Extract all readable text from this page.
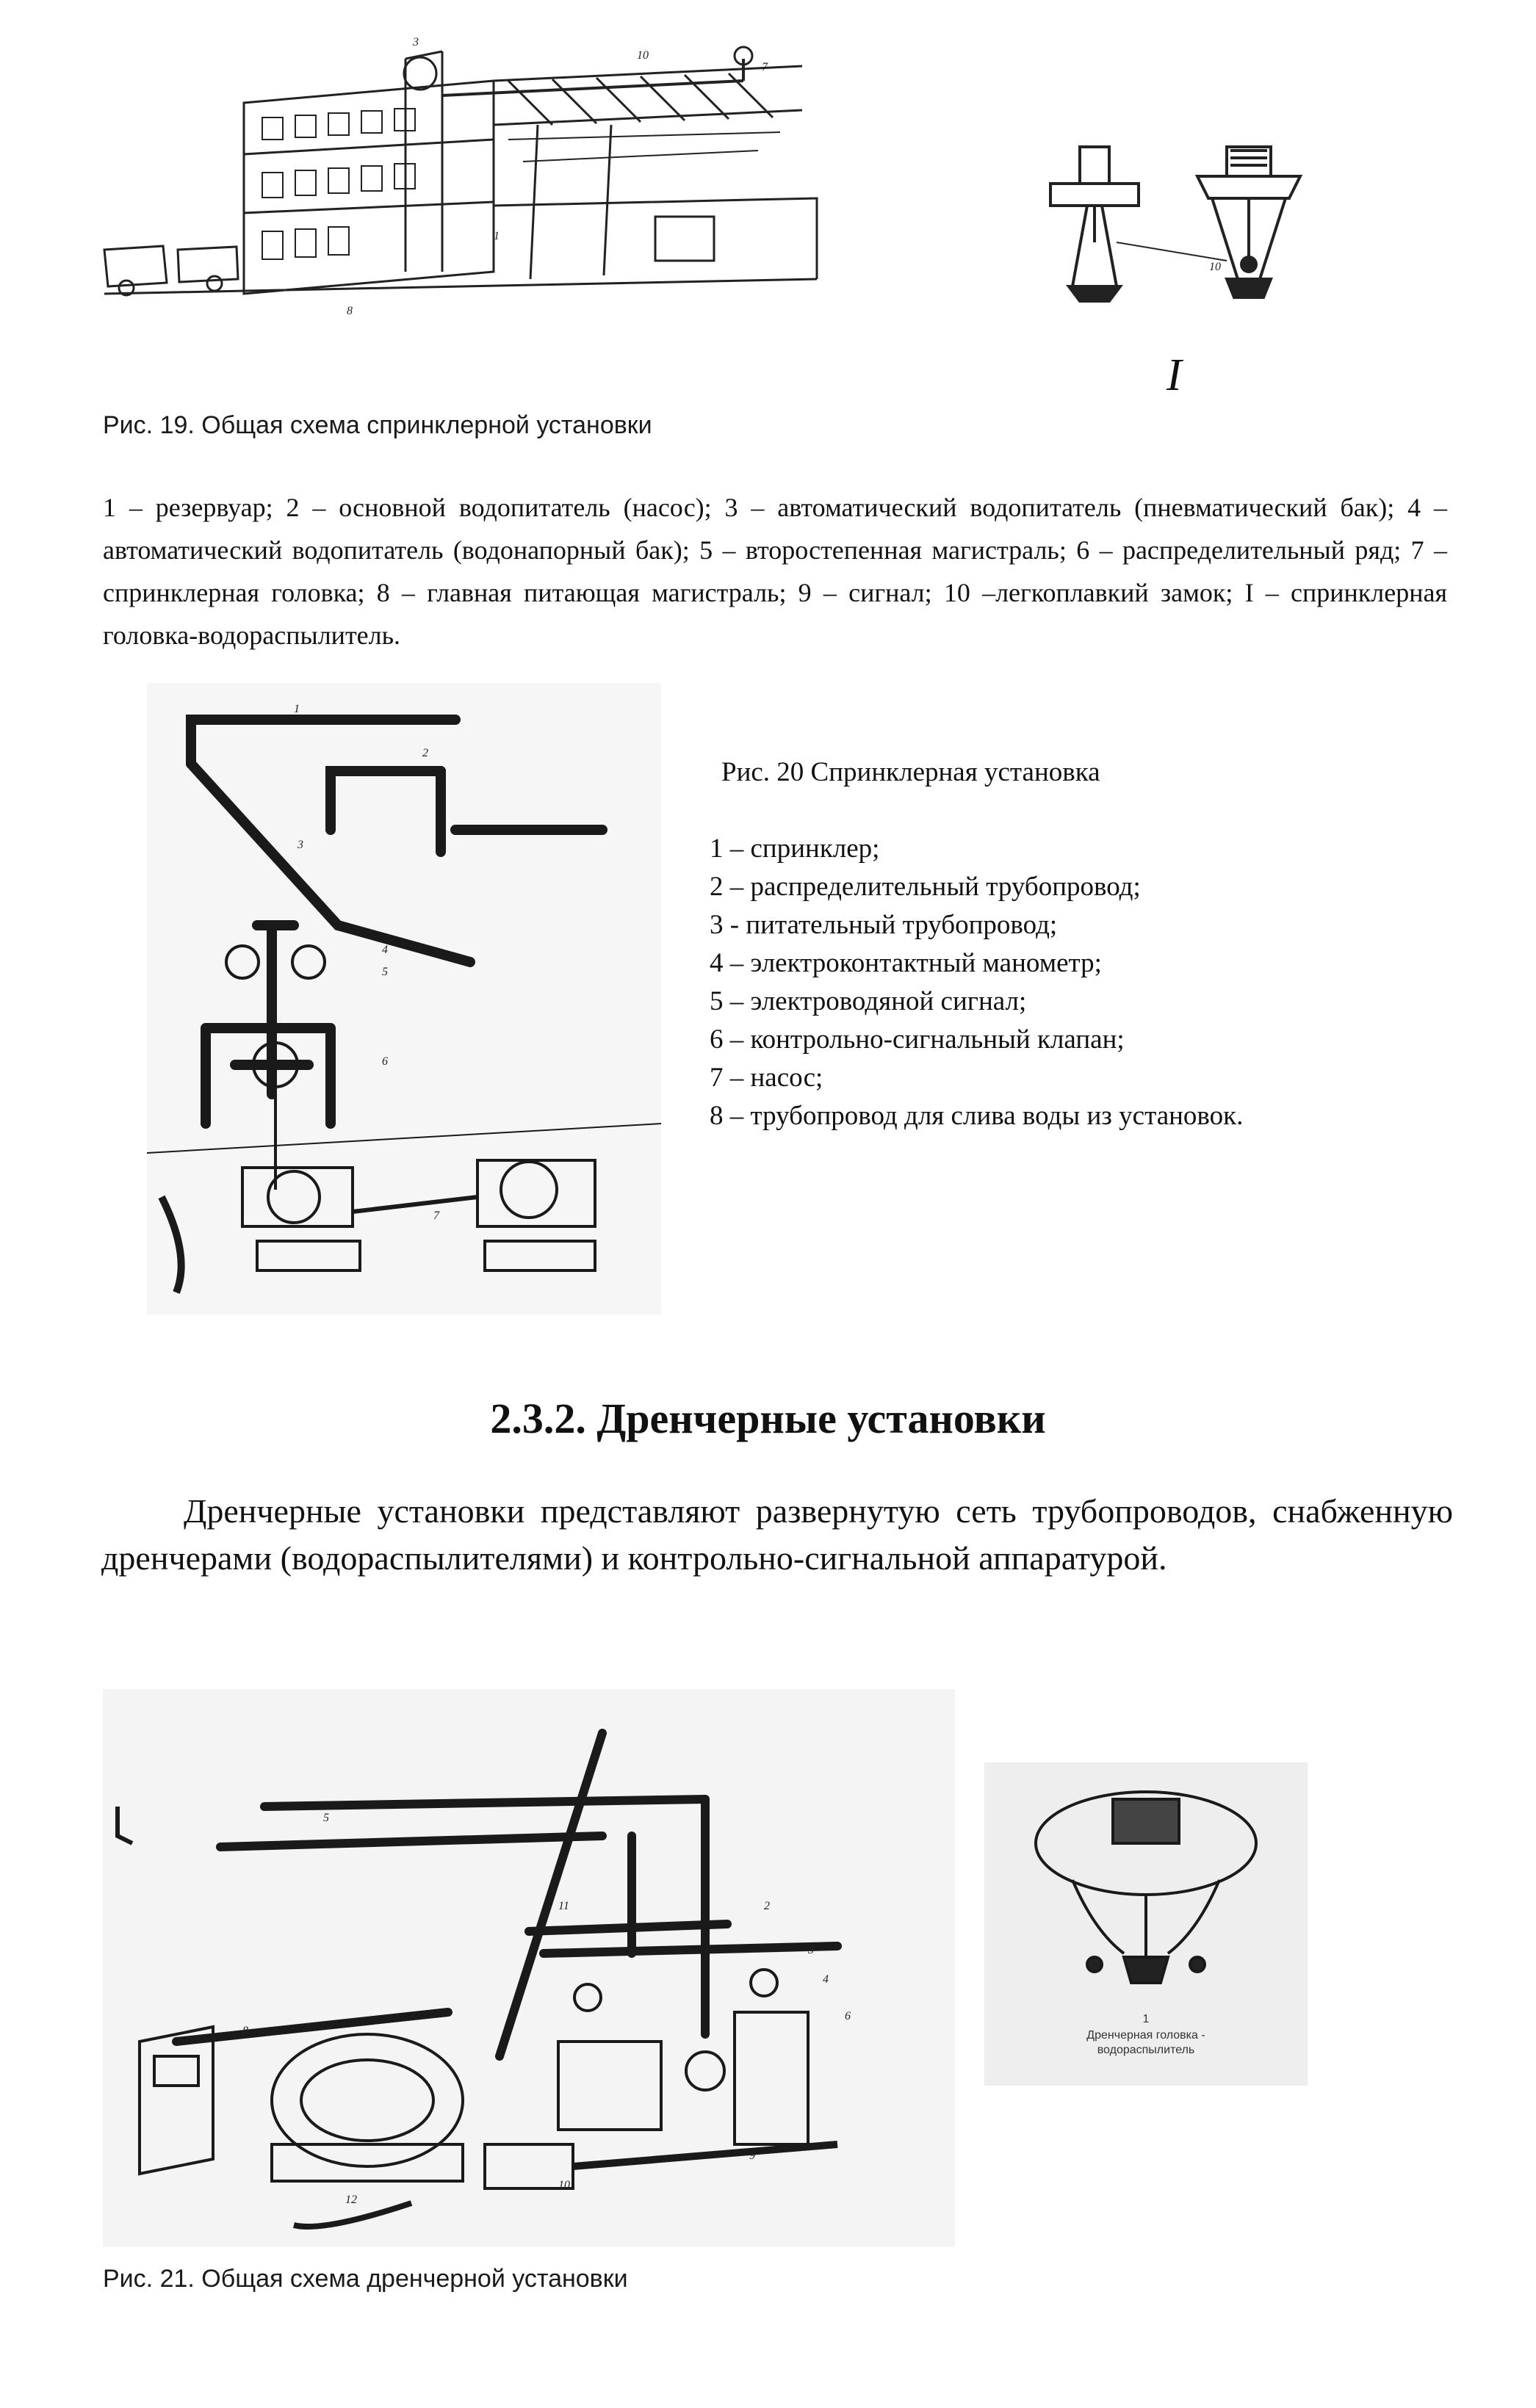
3
10
7
1
8
10
I
Рис. 19. Общая схема спринклерной установки
1 – резервуар; 2 – основной водопитатель (насос); 3 – автоматический водопитатель (пневматический бак); 4 – автоматический водопитатель (водонапорный бак); 5 – второстепенная магистраль; 6 – распределительный ряд; 7 – спринклерная головка; 8 – главная питающая магистраль; 9 – сигнал; 10 –легкоплавкий замок; I – спринклерная головка-водораспылитель.
1
2
3
4
5
6
7
Рис. 20 Спринклерная установка
1 – спринклер;
2 – распределительный трубопровод;
3 - питательный трубопровод;
4 – электроконтактный манометр;
5 – электроводяной сигнал;
6 – контрольно-сигнальный клапан;
7 – насос;
8 – трубопровод для слива воды из установок.
2.3.2. Дренчерные установки
Дренчерные установки представляют развернутую сеть трубопроводов, снабженную дренчерами (водораспылителями) и контрольно-сигнальной аппаратурой.
5
5
11	2
3
4
6
8
10
9
12
1
Дренчерная головка - водораспылитель
Рис. 21. Общая схема дренчерной установки
